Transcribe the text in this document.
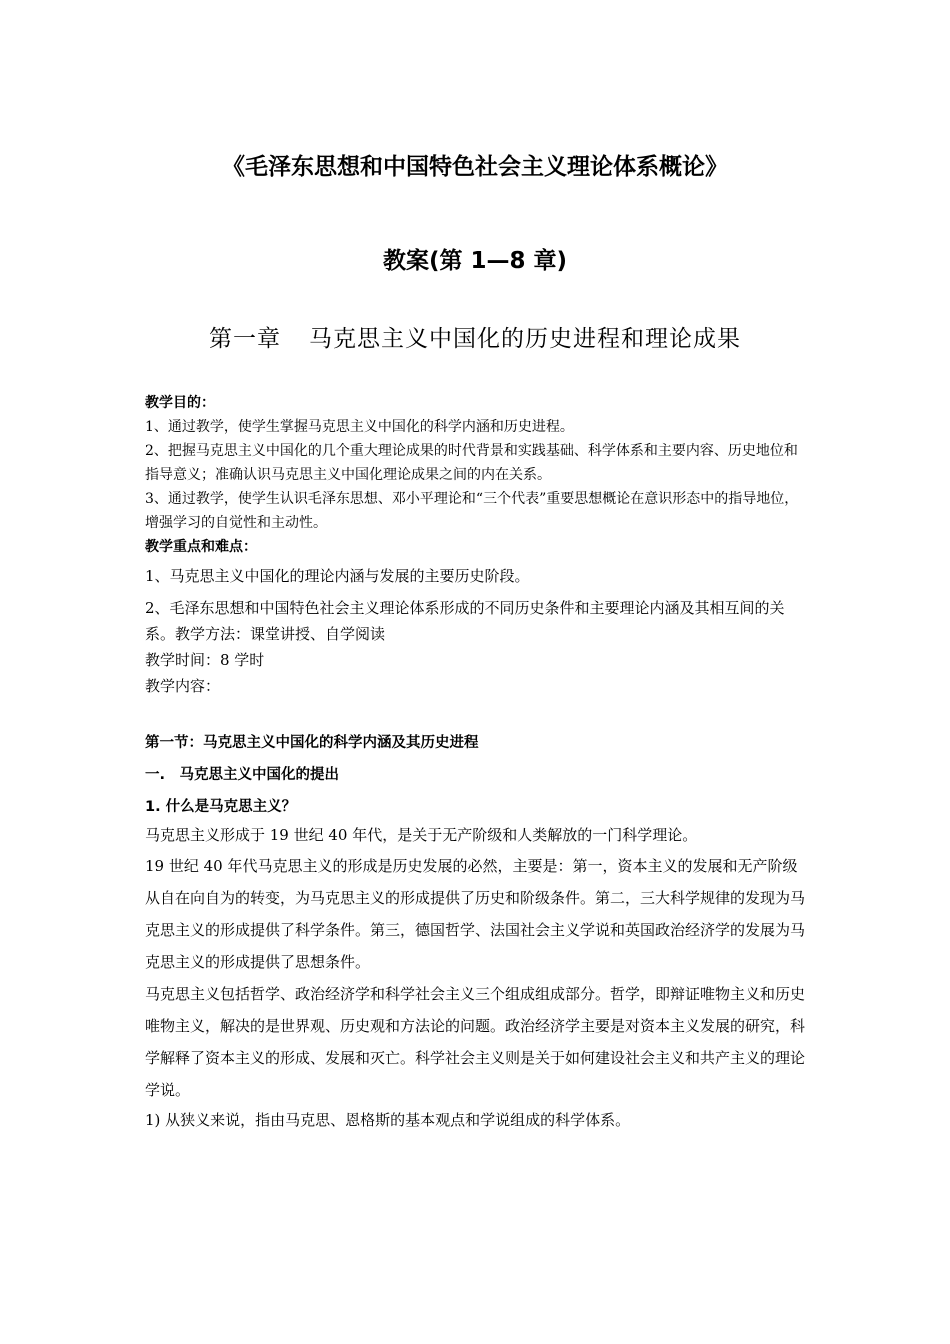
《毛泽东思想和中国特色社会主义理论体系概论》
教案(第 1—8 章)
第一章 马克思主义中国化的历史进程和理论成果

教学目的：

1、通过教学，使学生掌握马克思主义中国化的科学内涵和历史进程。

2、把握马克思主义中国化的几个重大理论成果的时代背景和实践基础、科学体系和主要内容、历史地位和指导意义；准确认识马克思主义中国化理论成果之间的内在关系。

3、通过教学，使学生认识毛泽东思想、邓小平理论和“三个代表”重要思想概论在意识形态中的指导地位，增强学习的自觉性和主动性。

教学重点和难点：

1、马克思主义中国化的理论内涵与发展的主要历史阶段。

2、毛泽东思想和中国特色社会主义理论体系形成的不同历史条件和主要理论内涵及其相互间的关系。教学方法：课堂讲授、自学阅读

教学时间：8 学时

教学内容：

第一节：马克思主义中国化的科学内涵及其历史进程
一.　马克思主义中国化的提出
1. 什么是马克思主义？

马克思主义形成于 19 世纪 40 年代，是关于无产阶级和人类解放的一门科学理论。

19 世纪 40 年代马克思主义的形成是历史发展的必然，主要是：第一，资本主义的发展和无产阶级从自在向自为的转变，为马克思主义的形成提供了历史和阶级条件。第二，三大科学规律的发现为马克思主义的形成提供了科学条件。第三，德国哲学、法国社会主义学说和英国政治经济学的发展为马克思主义的形成提供了思想条件。

马克思主义包括哲学、政治经济学和科学社会主义三个组成组成部分。哲学，即辩证唯物主义和历史唯物主义，解决的是世界观、历史观和方法论的问题。政治经济学主要是对资本主义发展的研究，科学解释了资本主义的形成、发展和灭亡。科学社会主义则是关于如何建设社会主义和共产主义的理论学说。

1) 从狭义来说，指由马克思、恩格斯的基本观点和学说组成的科学体系。
